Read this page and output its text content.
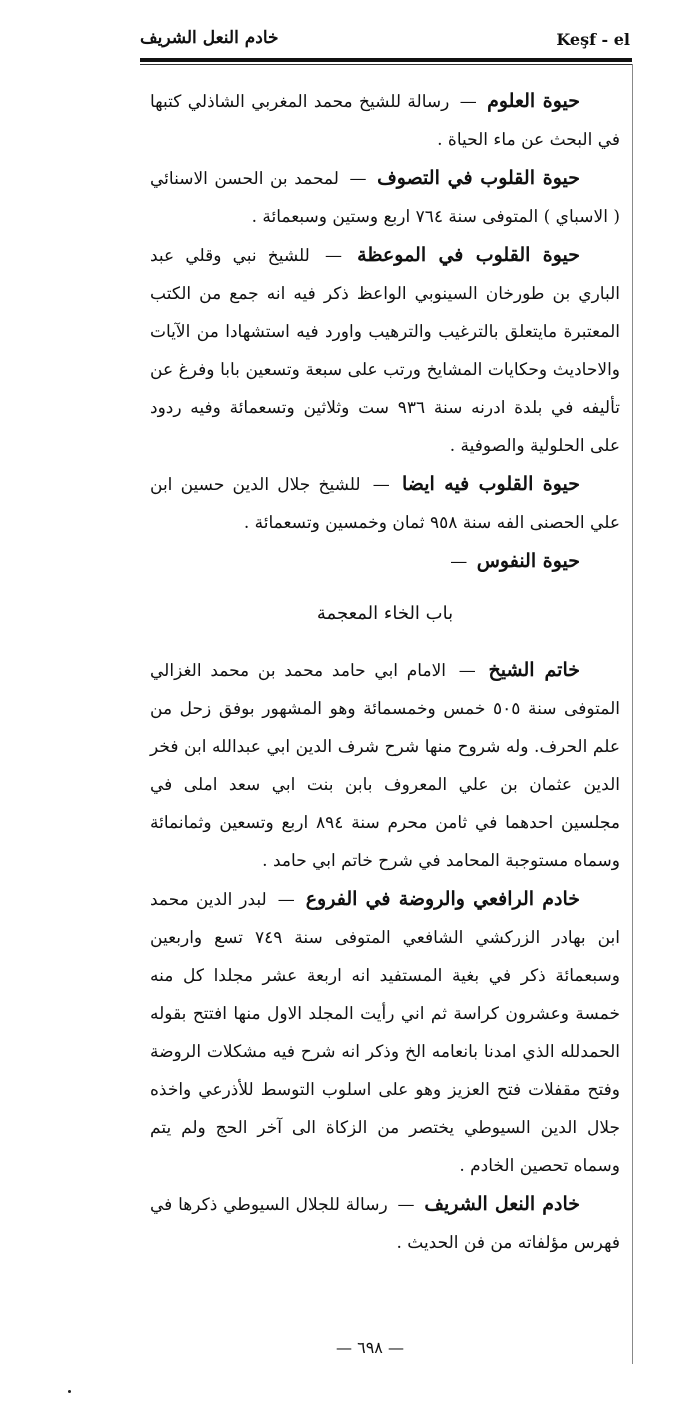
Keşf - el
خادم النعل الشريف

حيوة العلوم — رسالة للشيخ محمد المغربي الشاذلي كتبها في البحث عن ماء الحياة .

حيوة القلوب في التصوف — لمحمد بن الحسن الاسنائي ( الاسباي ) المتوفى سنة ٧٦٤ اربع وستين وسبعمائة .

حيوة القلوب في الموعظة — للشيخ نبي وقلي عبد الباري بن طورخان السينوبي الواعظ ذكر فيه انه جمع من الكتب المعتبرة مايتعلق بالترغيب والترهيب واورد فيه استشهادا من الآيات والاحاديث وحكايات المشايخ ورتب على سبعة وتسعين بابا وفرغ عن تأليفه في بلدة ادرنه سنة ٩٣٦ ست وثلاثين وتسعمائة وفيه ردود على الحلولية والصوفية .

حيوة القلوب فيه ايضا — للشيخ جلال الدين حسين ابن علي الحصنى الفه سنة ٩٥٨ ثمان وخمسين وتسعمائة .

حيوة النفوس —

باب الخاء المعجمة

خاتم الشيخ — الامام ابي حامد محمد بن محمد الغزالي المتوفى سنة ٥٠٥ خمس وخمسمائة وهو المشهور بوفق زحل من علم الحرف. وله شروح منها شرح شرف الدين ابي عبدالله ابن فخر الدين عثمان بن علي المعروف بابن بنت ابي سعد املى في مجلسين احدهما في ثامن محرم سنة ٨٩٤ اربع وتسعين وثمانمائة وسماه مستوجبة المحامد في شرح خاتم ابي حامد .

خادم الرافعي والروضة في الفروع — لبدر الدين محمد ابن بهادر الزركشي الشافعي المتوفى سنة ٧٤٩ تسع واربعين وسبعمائة ذكر في بغية المستفيد انه اربعة عشر مجلدا كل منه خمسة وعشرون كراسة ثم اني رأيت المجلد الاول منها افتتح بقوله الحمدلله الذي امدنا بانعامه الخ وذكر انه شرح فيه مشكلات الروضة وفتح مقفلات فتح العزيز وهو على اسلوب التوسط للأذرعي واخذه جلال الدين السيوطي يختصر من الزكاة الى آخر الحج ولم يتم وسماه تحصين الخادم .

خادم النعل الشريف — رسالة للجلال السيوطي ذكرها في فهرس مؤلفاته من فن الحديث .

— ٦٩٨ —
